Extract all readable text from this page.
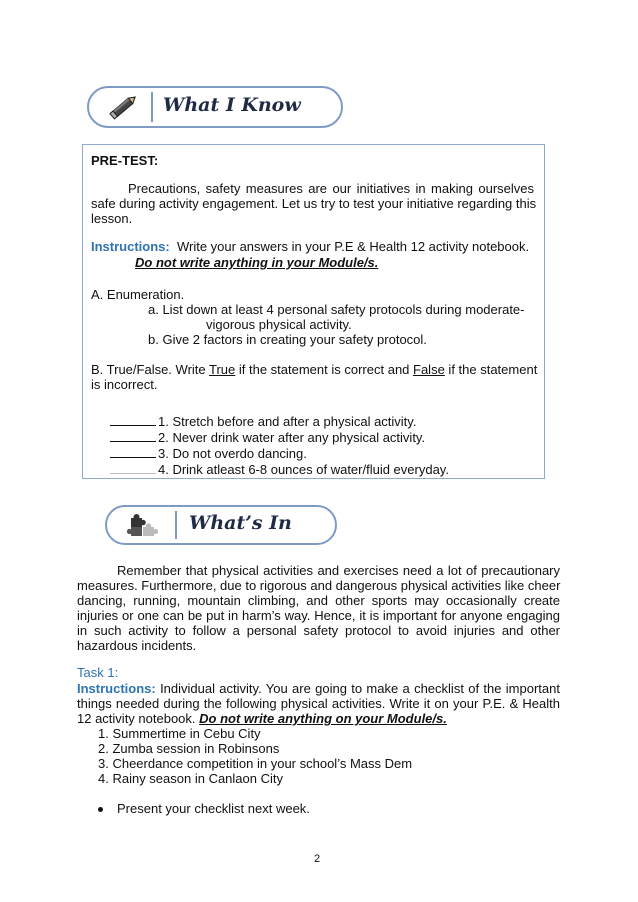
What I Know
PRE-TEST:
Precautions, safety measures are our initiatives in making ourselves
safe during activity engagement. Let us try to test your initiative regarding this
lesson.
Instructions: Write your answers in your P.E & Health 12 activity notebook.
Do not write anything in your Module/s.
A. Enumeration.
a. List down at least 4 personal safety protocols during moderate-
vigorous physical activity.
b. Give 2 factors in creating your safety protocol.
B. True/False. Write True if the statement is correct and False if the statement
is incorrect.
1. Stretch before and after a physical activity.
2. Never drink water after any physical activity.
3. Do not overdo dancing.
4. Drink atleast 6-8 ounces of water/fluid everyday.
What’s In
Remember that physical activities and exercises need a lot of precautionary
measures. Furthermore, due to rigorous and dangerous physical activities like cheer
dancing, running, mountain climbing, and other sports may occasionally create
injuries or one can be put in harm’s way. Hence, it is important for anyone engaging
in such activity to follow a personal safety protocol to avoid injuries and other
hazardous incidents.
Task 1:
Instructions: Individual activity. You are going to make a checklist of the important
things needed during the following physical activities. Write it on your P.E. & Health
12 activity notebook. Do not write anything on your Module/s.
1. Summertime in Cebu City
2. Zumba session in Robinsons
3. Cheerdance competition in your school’s Mass Dem
4. Rainy season in Canlaon City
Present your checklist next week.
2
